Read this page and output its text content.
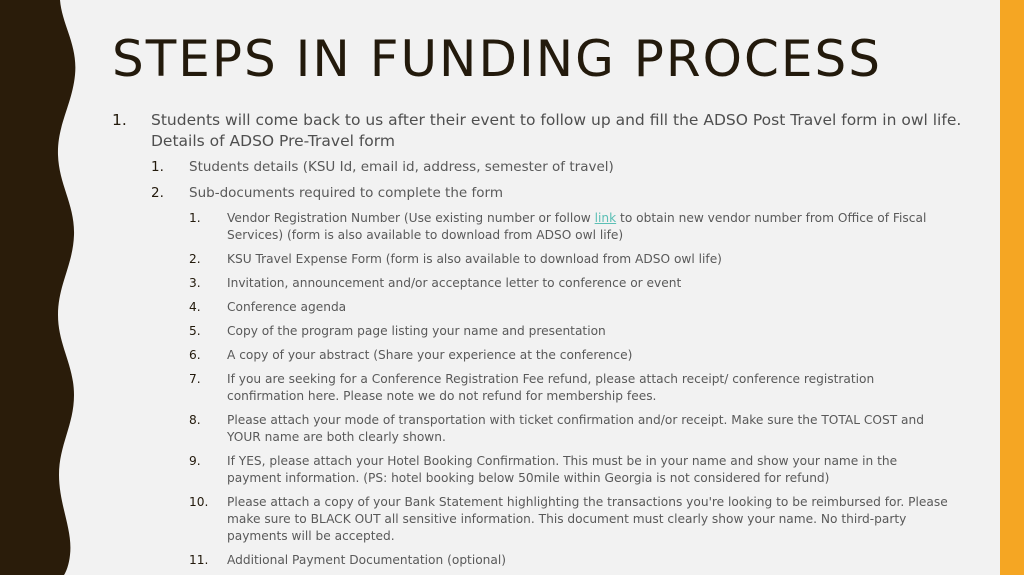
STEPS IN FUNDING PROCESS
1. Students will come back to us after their event to follow up and fill the ADSO Post Travel form in owl life. Details of ADSO Pre-Travel form
1. Students details (KSU Id, email id, address, semester of travel)
2. Sub-documents required to complete the form
1. Vendor Registration Number (Use existing number or follow link to obtain new vendor number from Office of Fiscal Services) (form is also available to download from ADSO owl life)
2. KSU Travel Expense Form (form is also available to download from ADSO owl life)
3. Invitation, announcement and/or acceptance letter to conference or event
4. Conference agenda
5. Copy of the program page listing your name and presentation
6. A copy of your abstract (Share your experience at the conference)
7. If you are seeking for a Conference Registration Fee refund, please attach receipt/ conference registration confirmation here. Please note we do not refund for membership fees.
8. Please attach your mode of transportation with ticket confirmation and/or receipt. Make sure the TOTAL COST and YOUR name are both clearly shown.
9. If YES, please attach your Hotel Booking Confirmation. This must be in your name and show your name in the payment information. (PS: hotel booking below 50mile within Georgia is not considered for refund)
10. Please attach a copy of your Bank Statement highlighting the transactions you're looking to be reimbursed for. Please make sure to BLACK OUT all sensitive information. This document must clearly show your name. No third-party payments will be accepted.
11. Additional Payment Documentation (optional)
